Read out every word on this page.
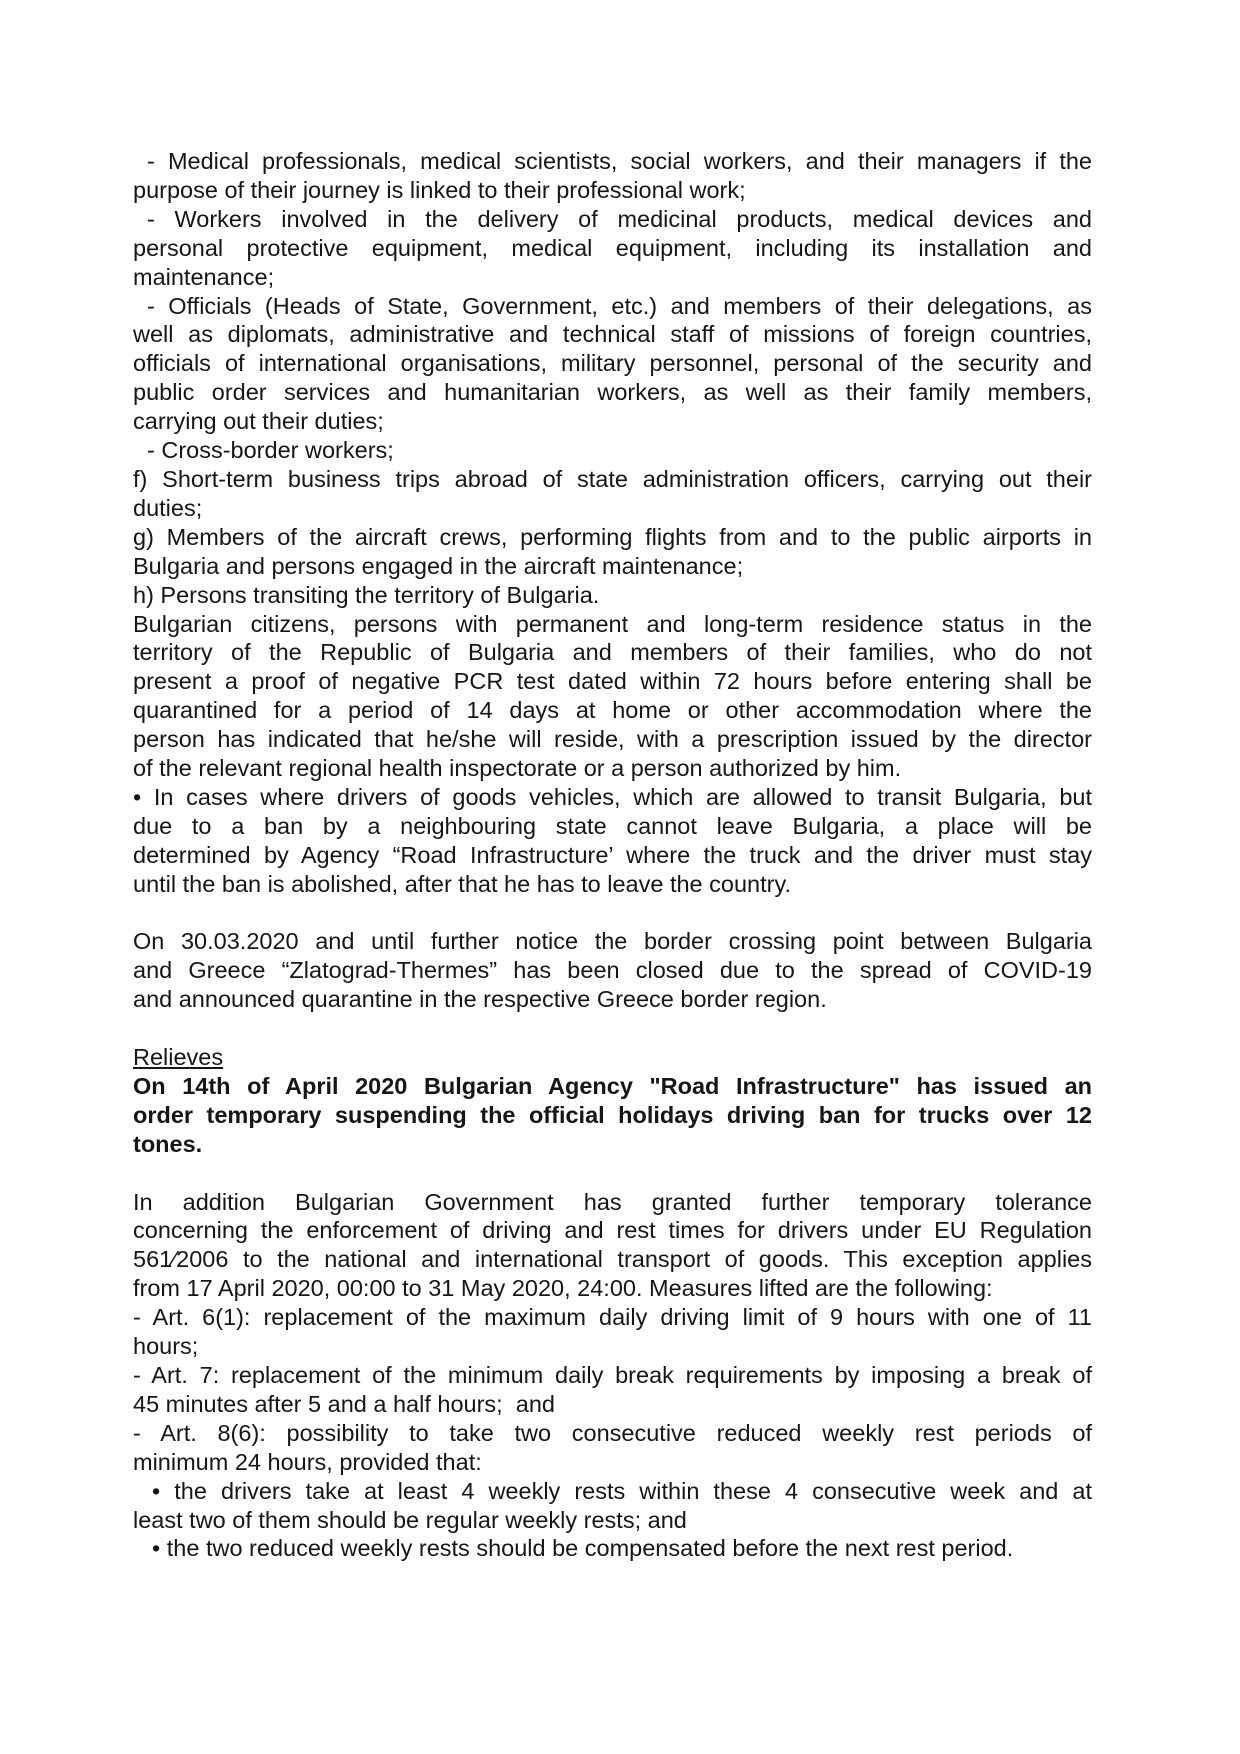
- Medical professionals, medical scientists, social workers, and their managers if the
purpose of their journey is linked to their professional work;

- Workers involved in the delivery of medicinal products, medical devices and
personal protective equipment, medical equipment, including its installation and
maintenance;

- Officials (Heads of State, Government, etc.) and members of their delegations, as
well as diplomats, administrative and technical staff of missions of foreign countries,
officials of international organisations, military personnel, personal of the security and
public order services and humanitarian workers, as well as their family members,
carrying out their duties;

- Cross-border workers;

f) Short-term business trips abroad of state administration officers, carrying out their
duties;

g) Members of the aircraft crews, performing flights from and to the public airports in
Bulgaria and persons engaged in the aircraft maintenance;

h) Persons transiting the territory of Bulgaria.

Bulgarian citizens, persons with permanent and long-term residence status in the
territory of the Republic of Bulgaria and members of their families, who do not
present a proof of negative PCR test dated within 72 hours before entering shall be
quarantined for a period of 14 days at home or other accommodation where the
person has indicated that he/she will reside, with a prescription issued by the director
of the relevant regional health inspectorate or a person authorized by him.

• In cases where drivers of goods vehicles, which are allowed to transit Bulgaria, but
due to a ban by a neighbouring state cannot leave Bulgaria, a place will be
determined by Agency “Road Infrastructure’ where the truck and the driver must stay
until the ban is abolished, after that he has to leave the country.

On 30.03.2020 and until further notice the border crossing point between Bulgaria
and Greece “Zlatograd-Thermes” has been closed due to the spread of COVID-19
and announced quarantine in the respective Greece border region.

Relieves

On 14th of April 2020 Bulgarian Agency "Road Infrastructure" has issued an
order temporary suspending the official holidays driving ban for trucks over 12
tones.

In addition Bulgarian Government has granted further temporary tolerance
concerning the enforcement of driving and rest times for drivers under EU Regulation
561⁄2006 to the national and international transport of goods. This exception applies
from 17 April 2020, 00:00 to 31 May 2020, 24:00. Measures lifted are the following:

- Art. 6(1): replacement of the maximum daily driving limit of 9 hours with one of 11
hours;

- Art. 7: replacement of the minimum daily break requirements by imposing a break of
45 minutes after 5 and a half hours;  and

- Art. 8(6): possibility to take two consecutive reduced weekly rest periods of
minimum 24 hours, provided that:

• the drivers take at least 4 weekly rests within these 4 consecutive week and at
least two of them should be regular weekly rests; and

• the two reduced weekly rests should be compensated before the next rest period.
